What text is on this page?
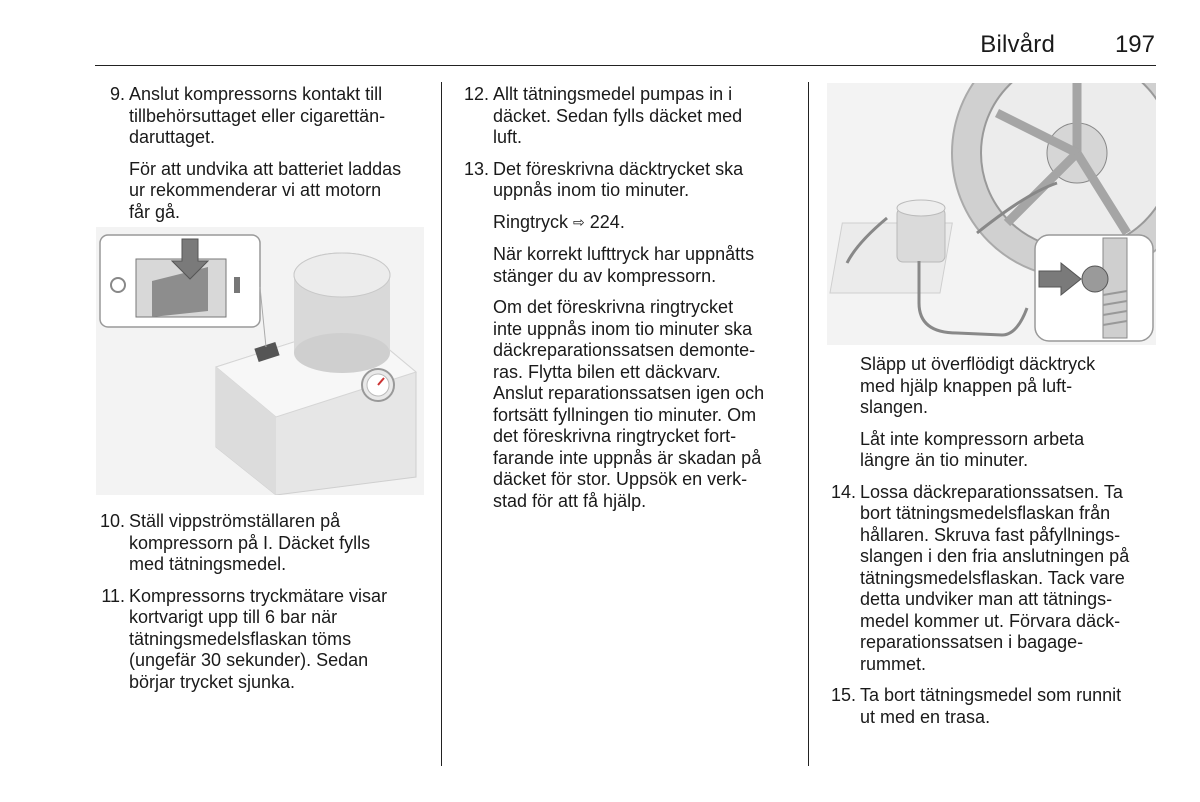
Bilvård	197
9. Anslut kompressorns kontakt till
tillbehörsuttaget eller cigarettän-
daruttaget.
För att undvika att batteriet laddas
ur rekommenderar vi att motorn
får gå.
10. Ställ vippströmställaren på
kompressorn på I. Däcket fylls
med tätningsmedel.
11. Kompressorns tryckmätare visar
kortvarigt upp till 6 bar när
tätningsmedelsflaskan töms
(ungefär 30 sekunder). Sedan
börjar trycket sjunka.
12. Allt tätningsmedel pumpas in i
däcket. Sedan fylls däcket med
luft.
13. Det föreskrivna däcktrycket ska
uppnås inom tio minuter.
Ringtryck ⇨ 224.
När korrekt lufttryck har uppnåtts
stänger du av kompressorn.
Om det föreskrivna ringtrycket
inte uppnås inom tio minuter ska
däckreparationssatsen demonte-
ras. Flytta bilen ett däckvarv.
Anslut reparationssatsen igen och
fortsätt fyllningen tio minuter. Om
det föreskrivna ringtrycket fort-
farande inte uppnås är skadan på
däcket för stor. Uppsök en verk-
stad för att få hjälp.
Släpp ut överflödigt däcktryck
med hjälp knappen på luft-
slangen.
Låt inte kompressorn arbeta
längre än tio minuter.
14. Lossa däckreparationssatsen. Ta
bort tätningsmedelsflaskan från
hållaren. Skruva fast påfyllnings-
slangen i den fria anslutningen på
tätningsmedelsflaskan. Tack vare
detta undviker man att tätnings-
medel kommer ut. Förvara däck-
reparationssatsen i bagage-
rummet.
15. Ta bort tätningsmedel som runnit
ut med en trasa.
